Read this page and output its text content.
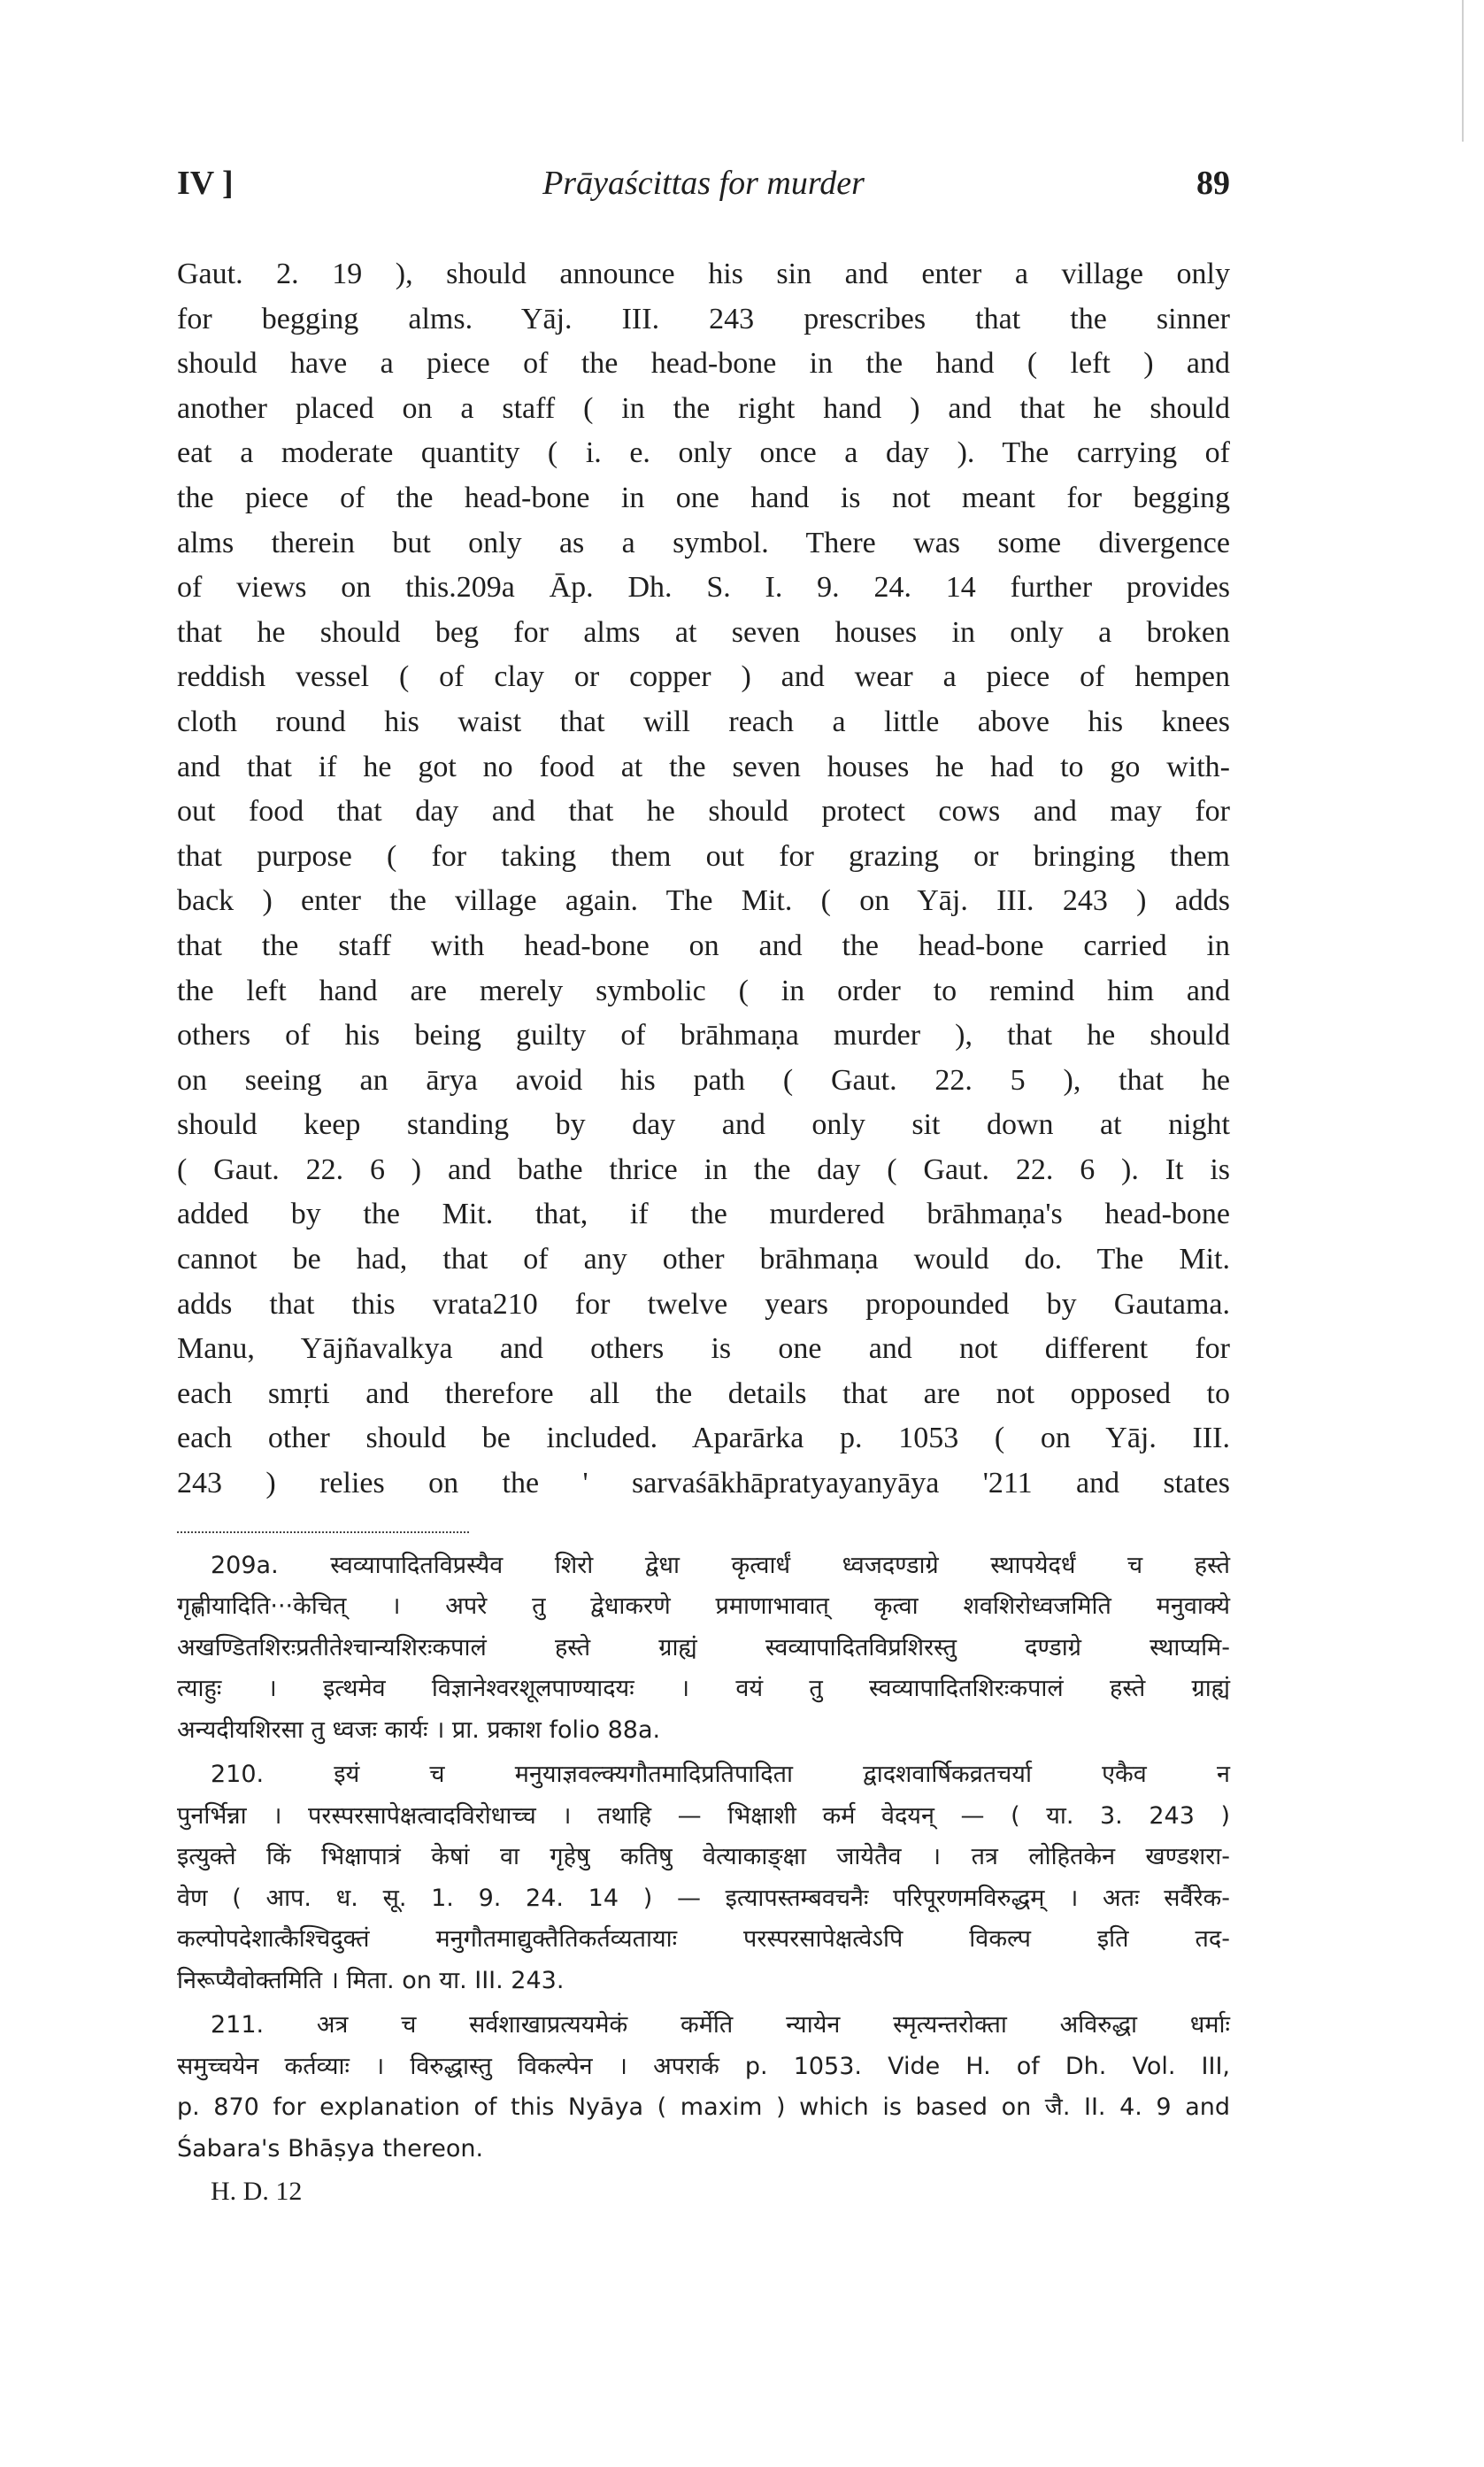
IV ]	Prāyaścittas for murder	89
Gaut. 2. 19 ), should announce his sin and enter a village only
for begging alms. Yāj. III. 243 prescribes that the sinner
should have a piece of the head-bone in the hand ( left ) and
another placed on a staff ( in the right hand ) and that he should
eat a moderate quantity ( i. e. only once a day ). The carrying of
the piece of the head-bone in one hand is not meant for begging
alms therein but only as a symbol. There was some divergence
of views on this.209a Āp. Dh. S. I. 9. 24. 14 further provides
that he should beg for alms at seven houses in only a broken
reddish vessel ( of clay or copper ) and wear a piece of hempen
cloth round his waist that will reach a little above his knees
and that if he got no food at the seven houses he had to go with-
out food that day and that he should protect cows and may for
that purpose ( for taking them out for grazing or bringing them
back ) enter the village again. The Mit. ( on Yāj. III. 243 ) adds
that the staff with head-bone on and the head-bone carried in
the left hand are merely symbolic ( in order to remind him and
others of his being guilty of brāhmaṇa murder ), that he should
on seeing an ārya avoid his path ( Gaut. 22. 5 ), that he
should keep standing by day and only sit down at night
( Gaut. 22. 6 ) and bathe thrice in the day ( Gaut. 22. 6 ). It is
added by the Mit. that, if the murdered brāhmaṇa's head-bone
cannot be had, that of any other brāhmaṇa would do. The Mit.
adds that this vrata210 for twelve years propounded by Gautama.
Manu, Yājñavalkya and others is one and not different for
each smṛti and therefore all the details that are not opposed to
each other should be included. Aparārka p. 1053 ( on Yāj. III.
243 ) relies on the ' sarvaśākhāpratyayanyāya '211 and states
209a. स्वव्यापादितविप्रस्यैव शिरो द्वेधा कृत्वार्धं ध्वजदण्डाग्रे स्थापयेदर्धं च हस्ते
गृह्णीयादिति···केचित् । अपरे तु द्वेधाकरणे प्रमाणाभावात् कृत्वा शवशिरोध्वजमिति मनुवाक्ये
अखण्डितशिरःप्रतीतेश्चान्यशिरःकपालं हस्ते ग्राह्यं स्वव्यापादितविप्रशिरस्तु दण्डाग्रे स्थाप्यमि-
त्याहुः । इत्थमेव विज्ञानेश्वरशूलपाण्यादयः । वयं तु स्वव्यापादितशिरःकपालं हस्ते ग्राह्यं
अन्यदीयशिरसा तु ध्वजः कार्यः । प्रा. प्रकाश folio 88a.
210. इयं च मनुयाज्ञवल्क्यगौतमादिप्रतिपादिता द्वादशवार्षिकव्रतचर्या एकैव न
पुनर्भिन्ना । परस्परसापेक्षत्वादविरोधाच्च । तथाहि — भिक्षाशी कर्म वेदयन् — ( या. 3. 243 )
इत्युक्ते किं भिक्षापात्रं केषां वा गृहेषु कतिषु वेत्याकाङ्क्षा जायेतैव । तत्र लोहितकेन खण्डशरा-
वेण ( आप. ध. सू. 1. 9. 24. 14 ) — इत्यापस्तम्बवचनैः परिपूरणमविरुद्धम् । अतः सर्वैरेक-
कल्पोपदेशात्कैश्चिदुक्तं मनुगौतमाद्युक्तैतिकर्तव्यतायाः परस्परसापेक्षत्वेऽपि विकल्प इति तद-
निरूप्यैवोक्तमिति । मिता. on या. III. 243.
211. अत्र च सर्वशाखाप्रत्ययमेकं कर्मेति न्यायेन स्मृत्यन्तरोक्ता अविरुद्धा धर्माः
समुच्चयेन कर्तव्याः । विरुद्धास्तु विकल्पेन । अपरार्क p. 1053. Vide H. of Dh. Vol. III,
p. 870 for explanation of this Nyāya ( maxim ) which is based on जै. II. 4. 9 and
Śabara's Bhāṣya thereon.
H. D. 12
